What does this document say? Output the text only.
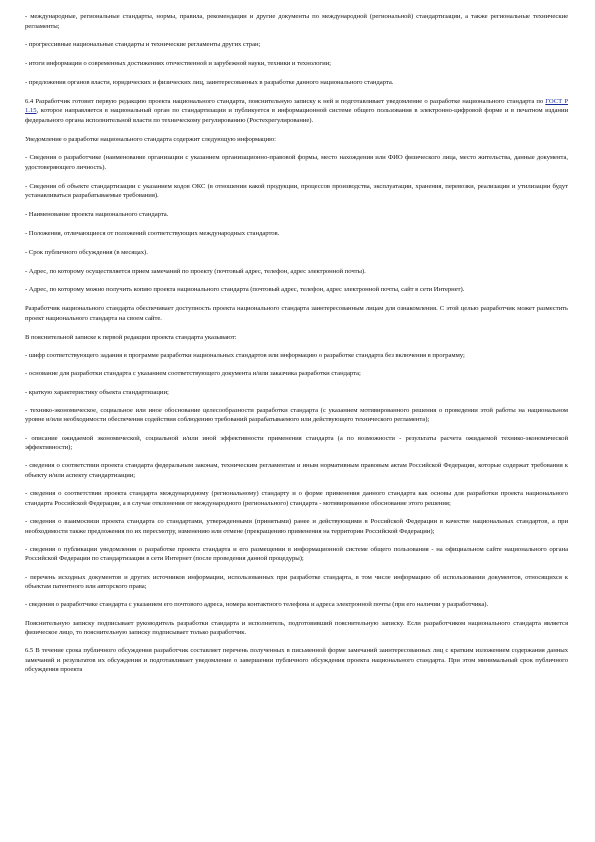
- международные, региональные стандарты, нормы, правила, рекомендации и другие документы по международной (региональной) стандартизации, а также региональные технические регламенты;

- прогрессивные национальные стандарты и технические регламенты других стран;

- итоги информации о современных достижениях отечественной и зарубежной науки, техники и технологии;

- предложения органов власти, юридических и физических лиц, заинтересованных в разработке данного национального стандарта.

6.4 Разработчик готовит первую редакцию проекта национального стандарта, пояснительную записку к ней и подготавливает уведомление о разработке национального стандарта по ГОСТ Р 1.15, которое направляется в национальный орган по стандартизации и публикуется в информационной системе общего пользования в электронно-цифровой форме и в печатном издании федерального органа исполнительной власти по техническому регулированию (Ростехрегулирование).

Уведомление о разработке национального стандарта содержит следующую информацию:

- Сведения о разработчике (наименование организации с указанием организационно-правовой формы, место нахождения или ФИО физического лица, место жительства, данные документа, удостоверяющего личность).

- Сведения об объекте стандартизации с указанием кодов ОКС (в отношении какой продукции, процессов производства, эксплуатации, хранения, перевозки, реализации и утилизации будут устанавливаться разрабатываемые требования).

- Наименование проекта национального стандарта.

- Положения, отличающиеся от положений соответствующих международных стандартов.

- Срок публичного обсуждения (в месяцах).

- Адрес, по которому осуществляется прием замечаний по проекту (почтовый адрес, телефон, адрес электронной почты).

- Адрес, по которому можно получить копию проекта национального стандарта (почтовый адрес, телефон, адрес электронной почты, сайт в сети Интернет).

Разработчик национального стандарта обеспечивает доступность проекта национального стандарта заинтересованным лицам для ознакомления. С этой целью разработчик может разместить проект национального стандарта на своем сайте.

В пояснительной записке к первой редакции проекта стандарта указывают:

- шифр соответствующего задания в программе разработки национальных стандартов или информацию о разработке стандарта без включения в программу;

- основание для разработки стандарта с указанием соответствующего документа и/или заказчика разработки стандарта;

- краткую характеристику объекта стандартизации;

- технико-экономическое, социальное или иное обоснование целесообразности разработки стандарта (с указанием мотивированного решения о проведении этой работы на национальном уровне и/или необходимости обеспечения содействия соблюдению требований разрабатываемого или действующего технического регламента);

- описание ожидаемой экономической, социальной и/или иной эффективности применения стандарта (а по возможности - результаты расчета ожидаемой технико-экономической эффективности);

- сведения о соответствии проекта стандарта федеральным законам, техническим регламентам и иным нормативным правовым актам Российской Федерации, которые содержат требования к объекту и/или аспекту стандартизации;

- сведения о соответствии проекта стандарта международному (региональному) стандарту и о форме применения данного стандарта как основы для разработки проекта национального стандарта Российской Федерации, а в случае отклонения от международного (регионального) стандарта - мотивированное обоснование этого решения;

- сведения о взаимосвязи проекта стандарта со стандартами, утвержденными (принятыми) ранее и действующими в Российской Федерации в качестве национальных стандартов, а при необходимости также предложения по их пересмотру, изменению или отмене (прекращению применения на территории Российской Федерации);

- сведения о публикации уведомления о разработке проекта стандарта и его размещении в информационной системе общего пользования - на официальном сайте национального органа Российской Федерации по стандартизации в сети Интернет (после проведения данной процедуры);

- перечень исходных документов и других источников информации, использованных при разработке стандарта, в том числе информацию об использовании документов, относящихся к объектам патентного или авторского права;

- сведения о разработчике стандарта с указанием его почтового адреса, номера контактного телефона и адреса электронной почты (при его наличии у разработчика).

Пояснительную записку подписывает руководитель разработки стандарта и исполнитель, подготовивший пояснительную записку. Если разработчиком национального стандарта является физическое лицо, то пояснительную записку подписывает только разработчик.

6.5 В течение срока публичного обсуждения разработчик составляет перечень полученных в письменной форме замечаний заинтересованных лиц с кратким изложением содержания данных замечаний и результатов их обсуждения и подготавливает уведомление о завершении публичного обсуждения проекта национального стандарта. При этом минимальный срок публичного обсуждения проекта
